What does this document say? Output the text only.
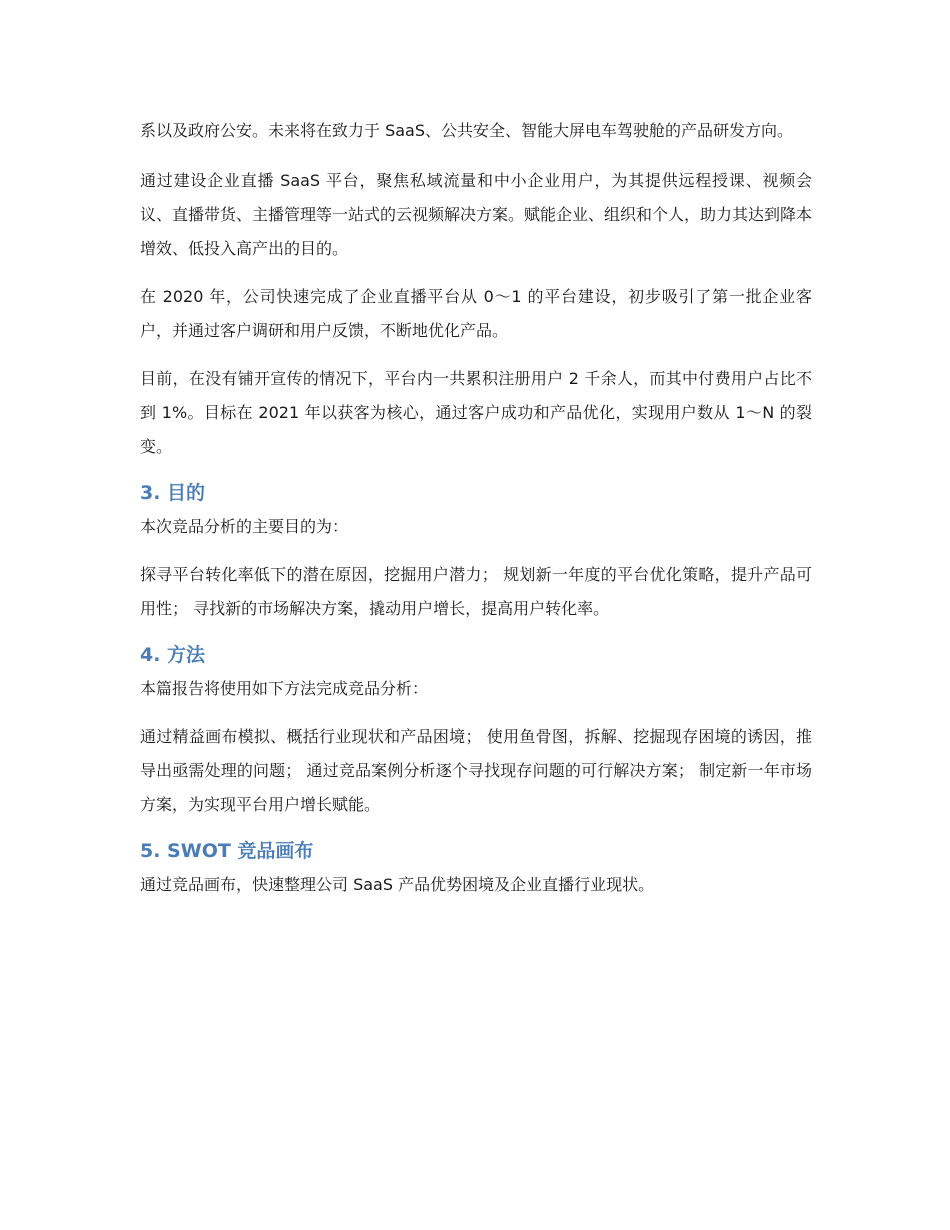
系以及政府公安。未来将在致力于 SaaS、公共安全、智能大屏电车驾驶舱的产品研发方向。

通过建设企业直播 SaaS 平台，聚焦私域流量和中小企业用户，为其提供远程授课、视频会议、直播带货、主播管理等一站式的云视频解决方案。赋能企业、组织和个人，助力其达到降本增效、低投入高产出的目的。

在 2020 年，公司快速完成了企业直播平台从 0～1 的平台建设，初步吸引了第一批企业客户，并通过客户调研和用户反馈，不断地优化产品。

目前，在没有铺开宣传的情况下，平台内一共累积注册用户 2 千余人，而其中付费用户占比不到 1%。目标在 2021 年以获客为核心，通过客户成功和产品优化，实现用户数从 1～N 的裂变。

3. 目的

本次竞品分析的主要目的为：

探寻平台转化率低下的潜在原因，挖掘用户潜力； 规划新一年度的平台优化策略，提升产品可用性； 寻找新的市场解决方案，撬动用户增长，提高用户转化率。

4. 方法

本篇报告将使用如下方法完成竞品分析：

通过精益画布模拟、概括行业现状和产品困境； 使用鱼骨图，拆解、挖掘现存困境的诱因，推导出亟需处理的问题； 通过竞品案例分析逐个寻找现存问题的可行解决方案； 制定新一年市场方案，为实现平台用户增长赋能。

5. SWOT 竞品画布

通过竞品画布，快速整理公司 SaaS 产品优势困境及企业直播行业现状。
